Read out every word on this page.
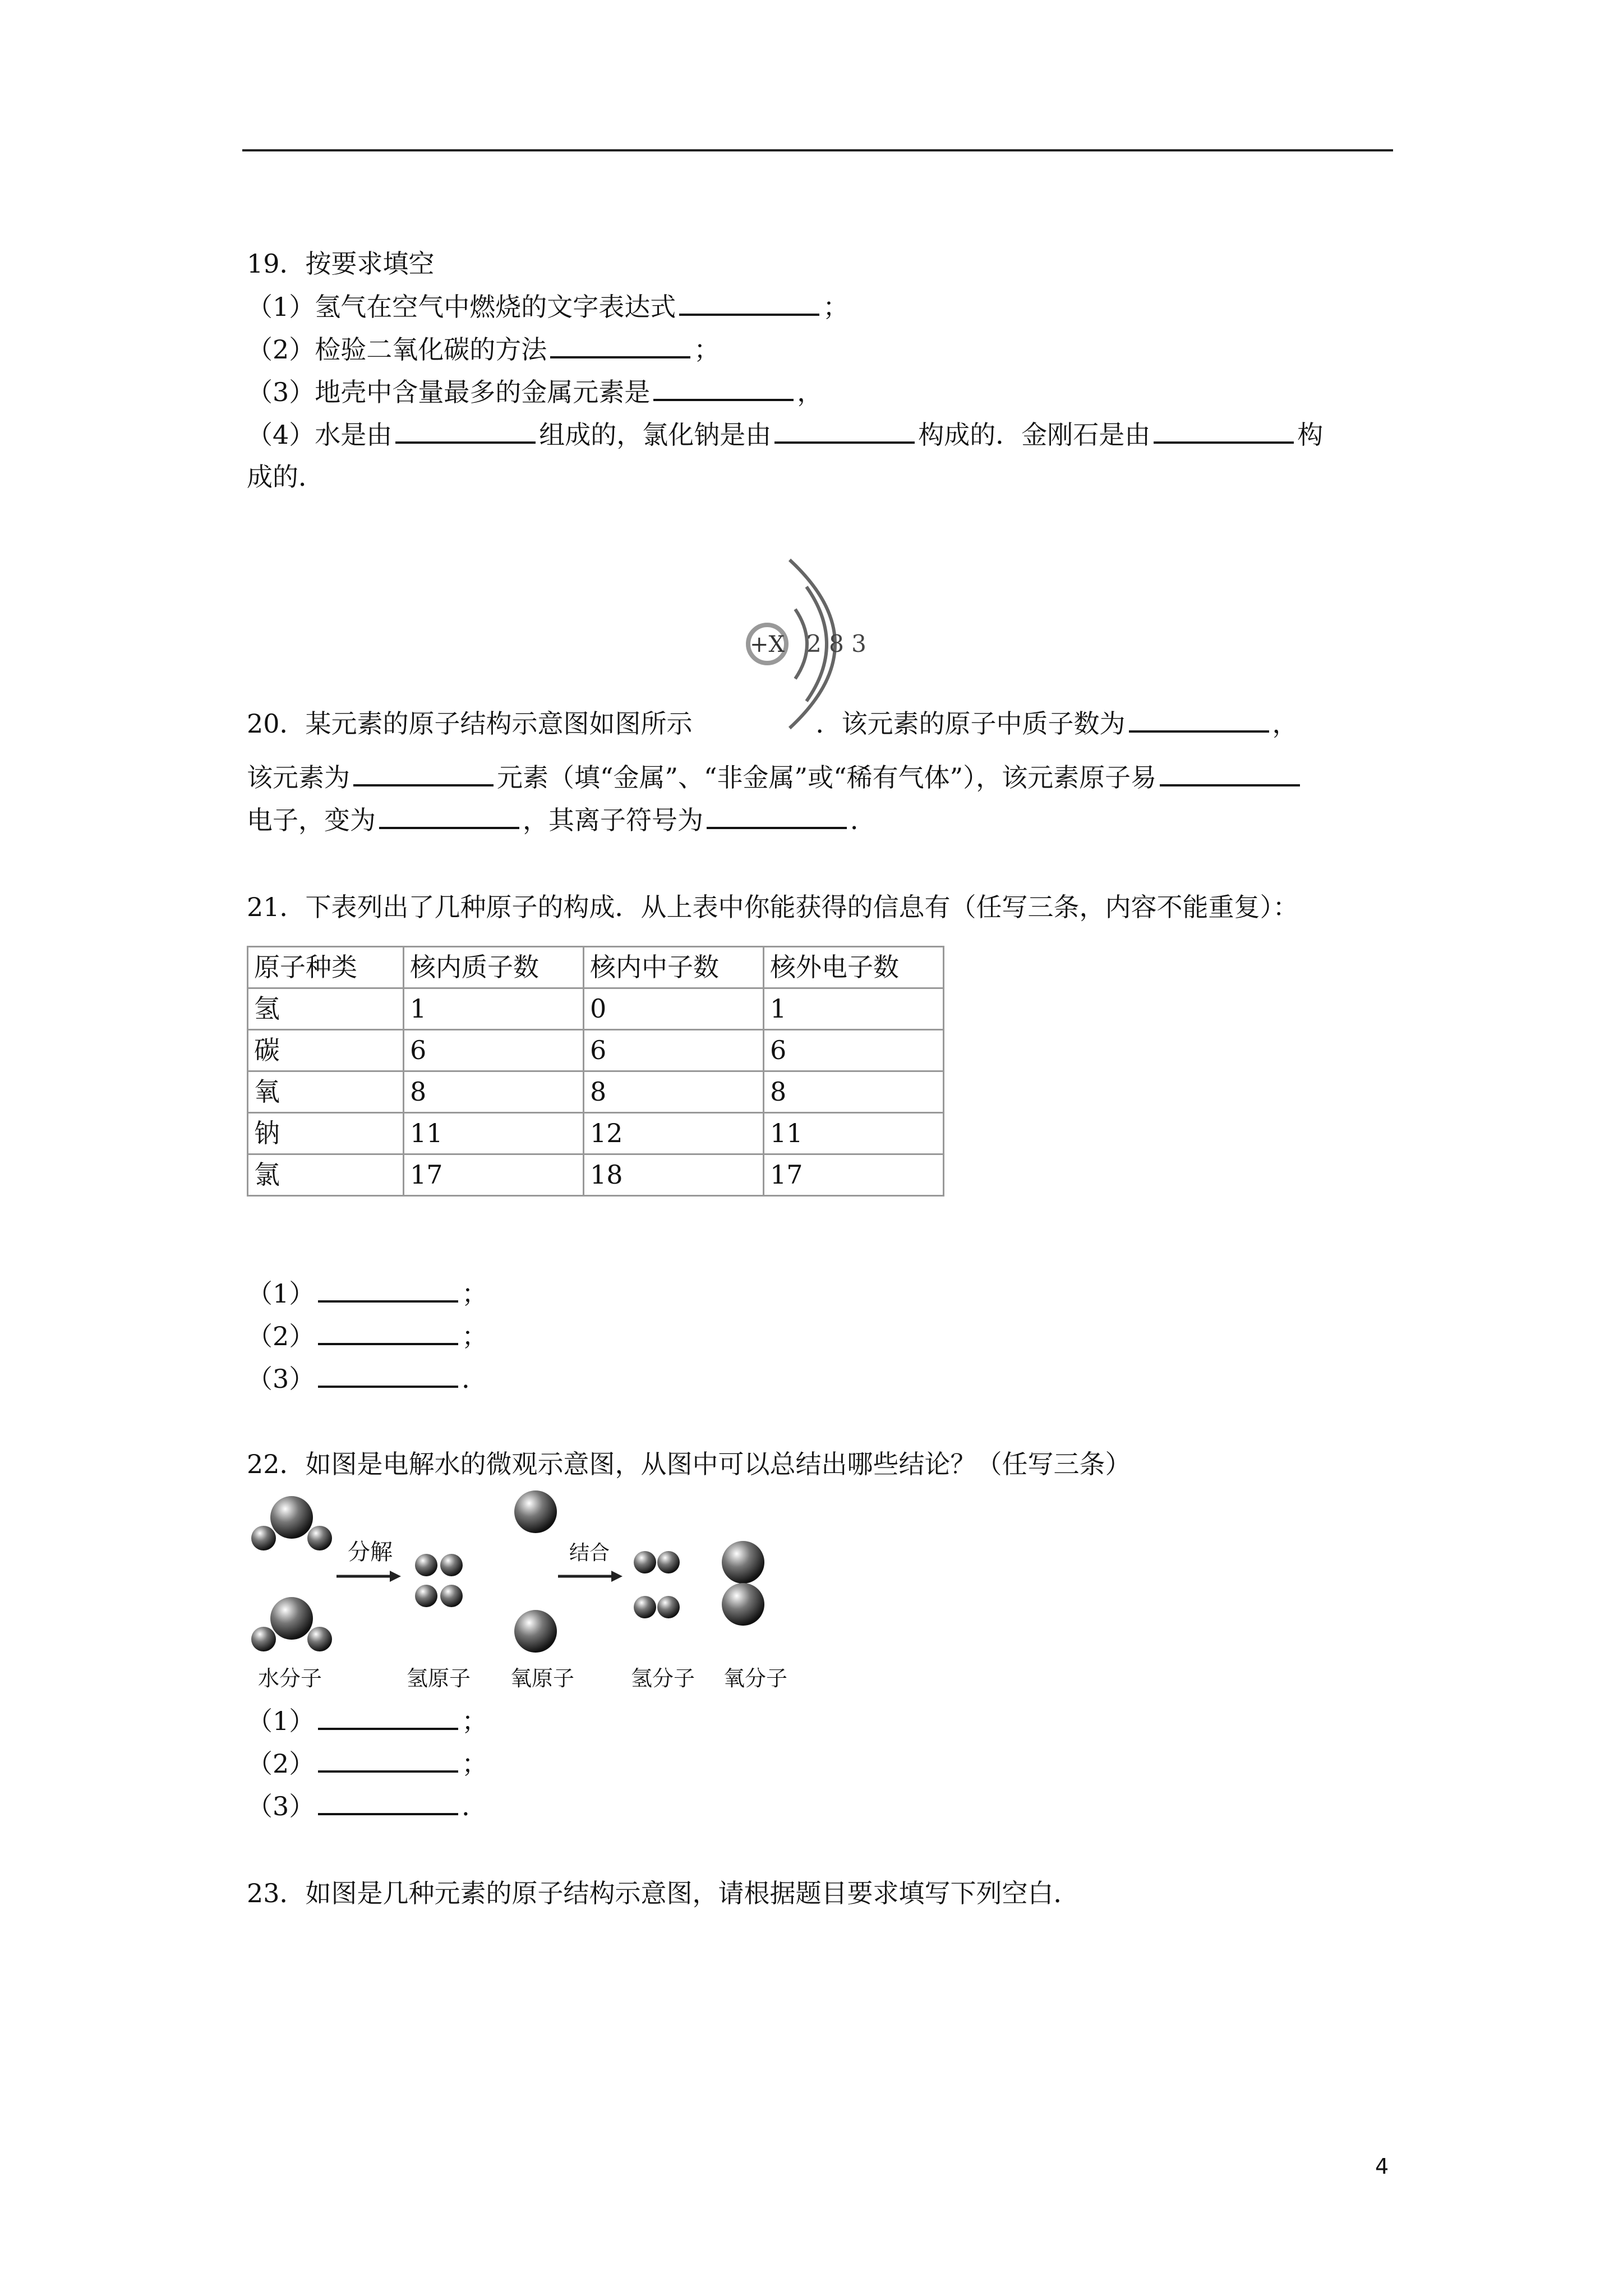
19．按要求填空
（1）氢气在空气中燃烧的文字表达式	；
（2）检验二氧化碳的方法	；
（3）地壳中含量最多的金属元素是	，
（4）水是由	组成的，氯化钠是由	构成的．金刚石是由	构
成的．
+X 2 8 3
20．某元素的原子结构示意图如图所示	．该元素的原子中质子数为	，
该元素为	元素（填“金属”、“非金属”或“稀有气体”），该元素原子易
电子，变为	，其离子符号为	．
21．下表列出了几种原子的构成．从上表中你能获得的信息有（任写三条，内容不能重复）：
原子种类	核内质子数	核内中子数	核外电子数
氢	1	0	1
碳	6	6	6
氧	8	8	8
钠	11	12	11
氯	17	18	17
（1）	；
（2）	；
（3）	．
22．如图是电解水的微观示意图，从图中可以总结出哪些结论？（任写三条）
分解	结合
水分子	氢原子 氧原子	氢分子 氧分子
（1）	；
（2）	；
（3）	．
23．如图是几种元素的原子结构示意图，请根据题目要求填写下列空白．
4
